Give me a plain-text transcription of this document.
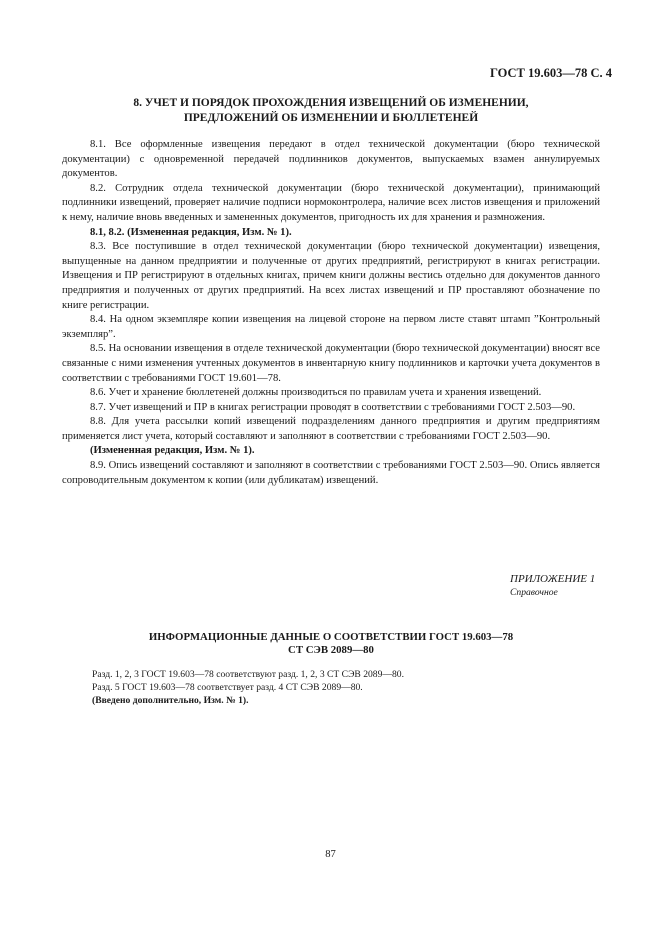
ГОСТ 19.603—78 С. 4
8. УЧЕТ И ПОРЯДОК ПРОХОЖДЕНИЯ ИЗВЕЩЕНИЙ ОБ ИЗМЕНЕНИИ,
ПРЕДЛОЖЕНИЙ ОБ ИЗМЕНЕНИИ И БЮЛЛЕТЕНЕЙ

8.1. Все оформленные извещения передают в отдел технической документации (бюро технической документации) с одновременной передачей подлинников документов, выпускаемых взамен аннулируемых документов.

8.2. Сотрудник отдела технической документации (бюро технической документации), принимающий подлинники извещений, проверяет наличие подписи нормоконтролера, наличие всех листов извещения и приложений к нему, наличие вновь введенных и замененных документов, пригодность их для хранения и размножения.

8.1, 8.2. (Измененная редакция, Изм. № 1).

8.3. Все поступившие в отдел технической документации (бюро технической документации) извещения, выпущенные на данном предприятии и полученные от других предприятий, регистрируют в книгах регистрации. Извещения и ПР регистрируют в отдельных книгах, причем книги должны вестись отдельно для документов данного предприятия и полученных от других предприятий. На всех листах извещений и ПР проставляют обозначение по книге регистрации.

8.4. На одном экземпляре копии извещения на лицевой стороне на первом листе ставят штамп ”Контрольный экземпляр”.

8.5. На основании извещения в отделе технической документации (бюро технической документации) вносят все связанные с ними изменения учтенных документов в инвентарную книгу подлинников и карточки учета документов в соответствии с требованиями ГОСТ 19.601—78.

8.6. Учет и хранение бюллетеней должны производиться по правилам учета и хранения извещений.

8.7. Учет извещений и ПР в книгах регистрации проводят в соответствии с требованиями ГОСТ 2.503—90.

8.8. Для учета рассылки копий извещений подразделениям данного предприятия и другим предприятиям применяется лист учета, который составляют и заполняют в соответствии с требованиями ГОСТ 2.503—90.

(Измененная редакция, Изм. № 1).

8.9. Опись извещений составляют и заполняют в соответствии с требованиями ГОСТ 2.503—90. Опись является сопроводительным документом к копии (или дубликатам) извещений.

ПРИЛОЖЕНИЕ 1
Справочное
ИНФОРМАЦИОННЫЕ ДАННЫЕ О СООТВЕТСТВИИ ГОСТ 19.603—78
СТ СЭВ 2089—80
Разд. 1, 2, 3 ГОСТ 19.603—78 соответствуют разд. 1, 2, 3 СТ СЭВ 2089—80.
Разд. 5 ГОСТ 19.603—78 соответствует разд. 4 СТ СЭВ 2089—80.
(Введено дополнительно, Изм. № 1).
87
